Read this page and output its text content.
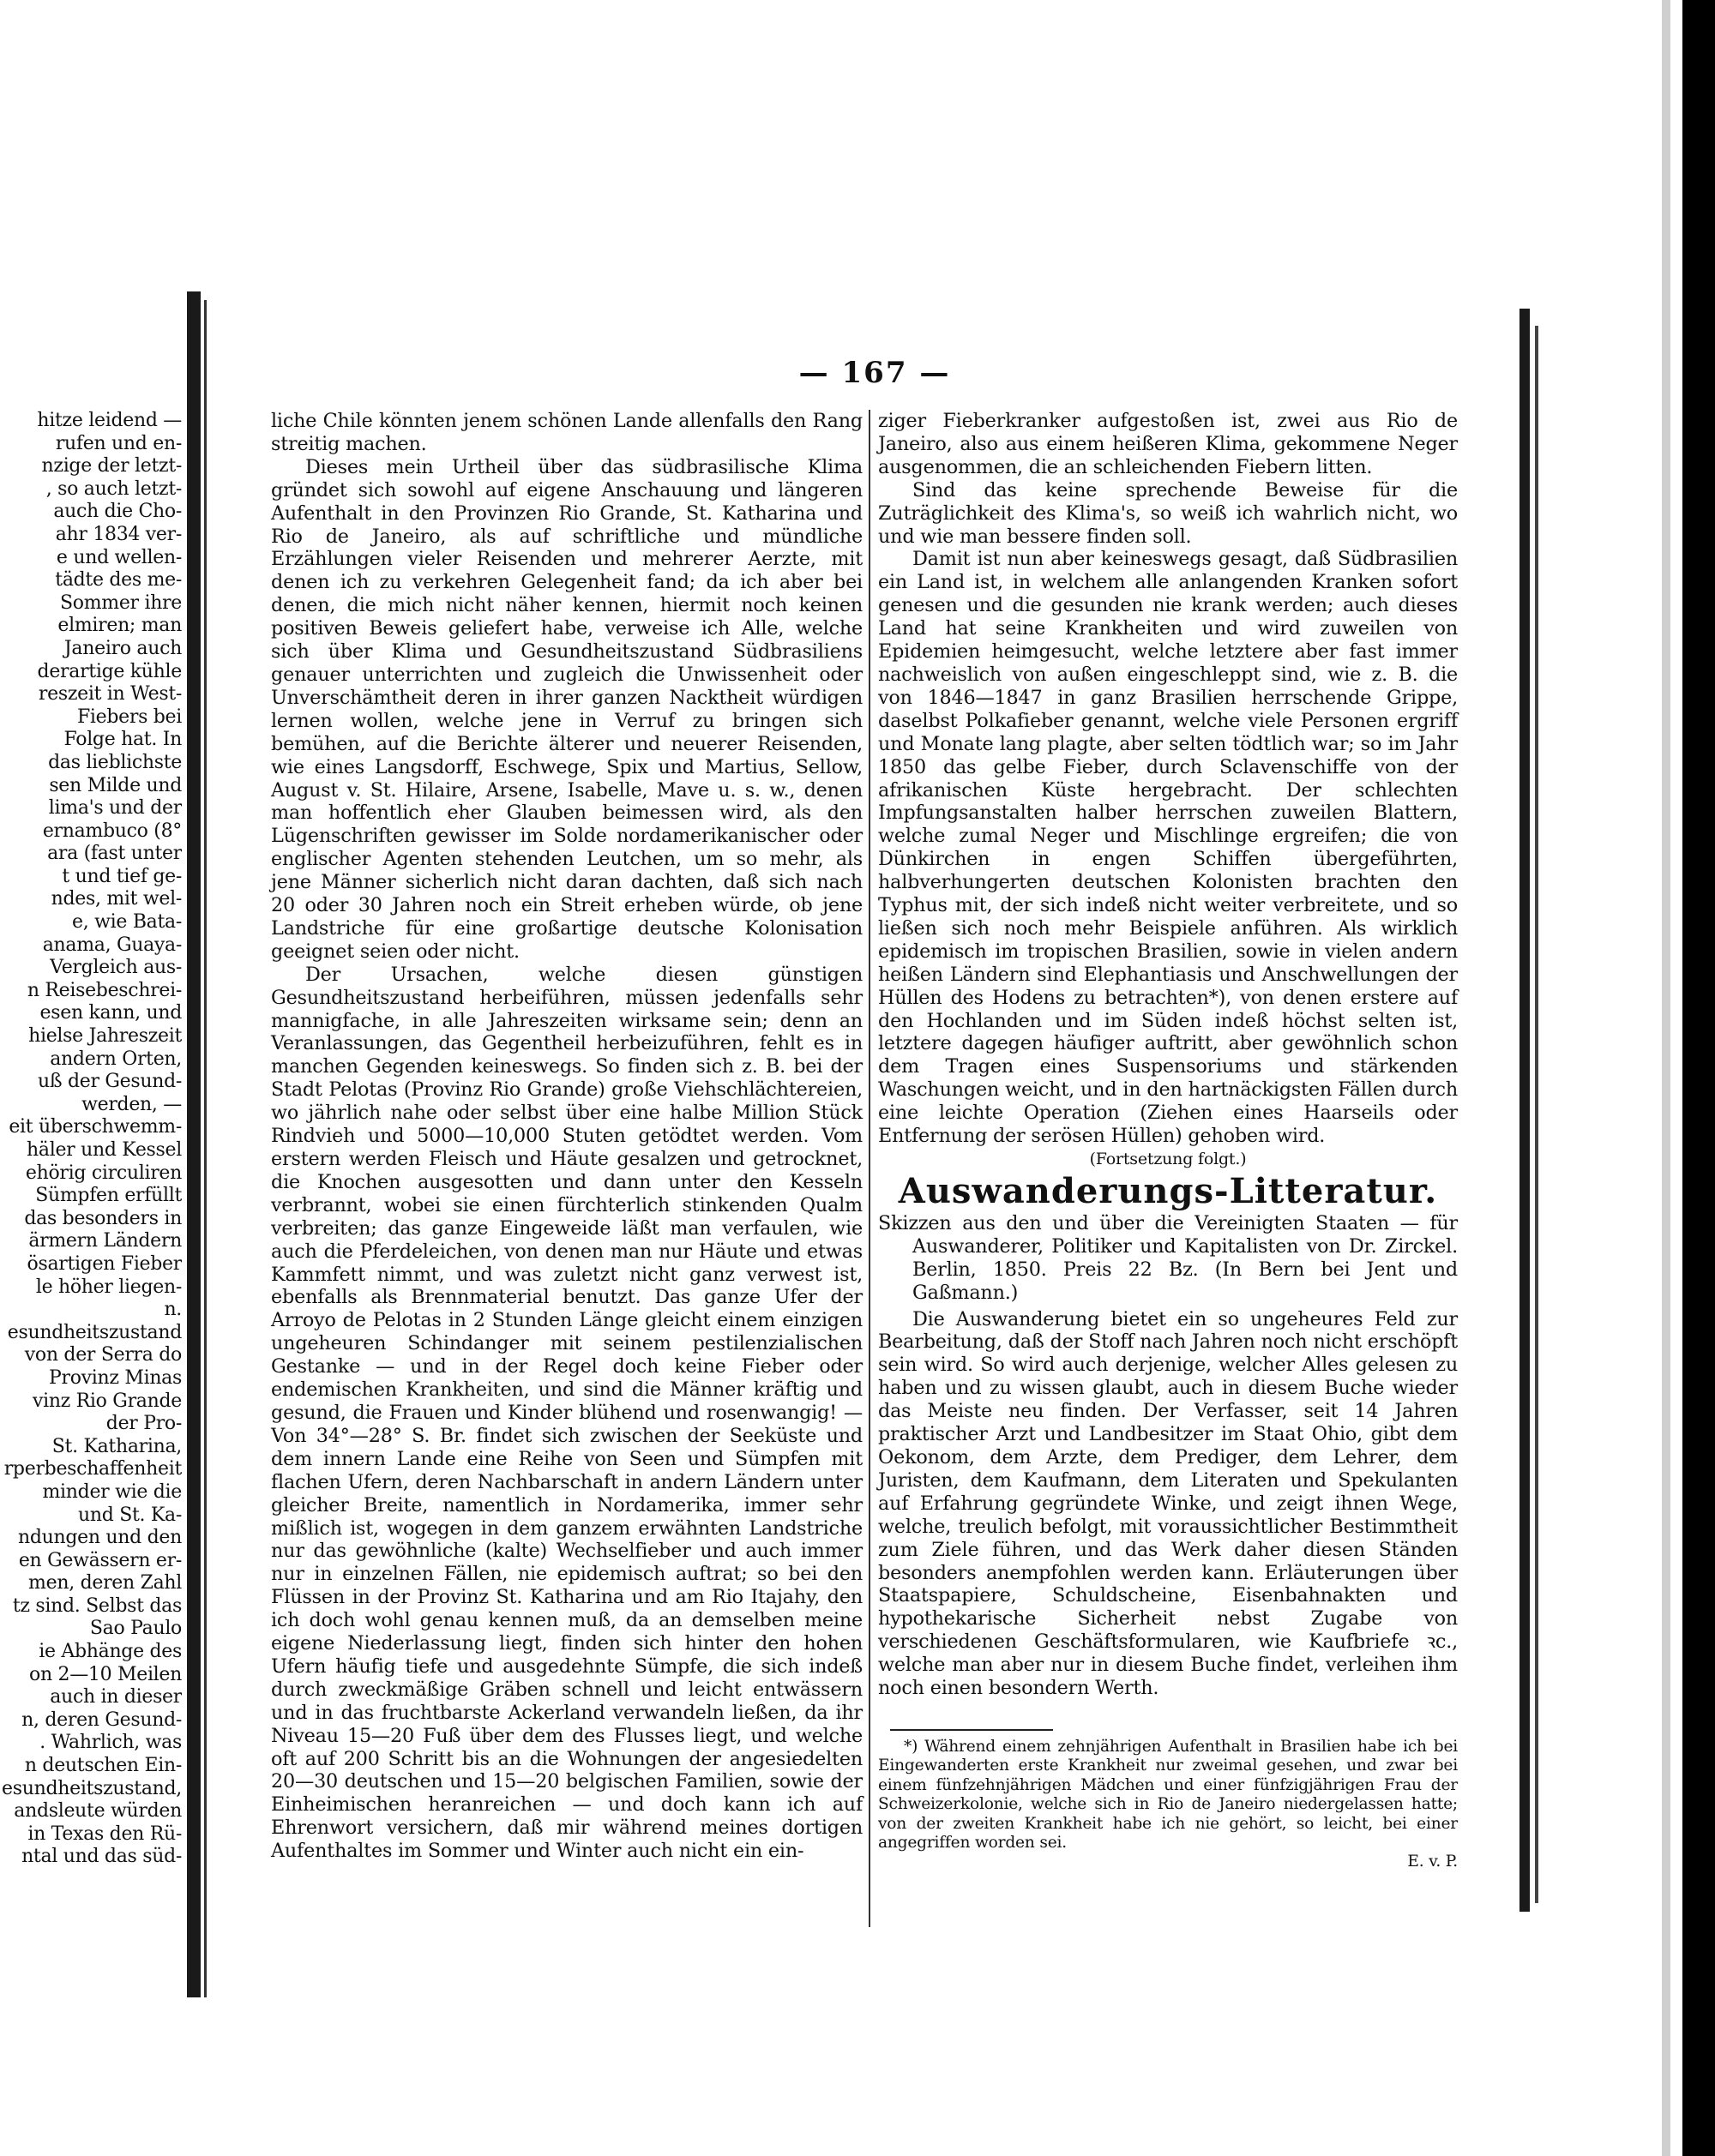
hitze leidend —
rufen und en-
nzige der letzt-
, so auch letzt-
auch die Cho-
ahr 1834 ver-
e und wellen-
tädte des me-
Sommer ihre
elmiren; man
Janeiro auch
derartige kühle
reszeit in West-
Fiebers bei
Folge hat. In
das lieblichste
sen Milde und
lima's und der
ernambuco (8°
ara (fast unter
t und tief ge-
ndes, mit wel-
e, wie Bata-
anama, Guaya-
Vergleich aus-
n Reisebeschrei-
esen kann, und
hielse Jahreszeit
andern Orten,
uß der Gesund-
werden, —
eit überschwemm-
häler und Kessel
ehörig circuliren
Sümpfen erfüllt
das besonders in
ärmern Ländern
ösartigen Fieber
le höher liegen-
n.
esundheitszustand
von der Serra do
Provinz Minas
vinz Rio Grande
der Pro-
St. Katharina,
rperbeschaffenheit
minder wie die
und St. Ka-
ndungen und den
en Gewässern er-
men, deren Zahl
tz sind. Selbst das
Sao Paulo
ie Abhänge des
on 2—10 Meilen
auch in dieser
n, deren Gesund-
. Wahrlich, was
n deutschen Ein-
esundheitszustand,
andsleute würden
in Texas den Rü-
ntal und das süd-
— 167 —

liche Chile könnten jenem schönen Lande allenfalls den Rang streitig machen.

Dieses mein Urtheil über das südbrasilische Klima gründet sich sowohl auf eigene Anschauung und längeren Aufenthalt in den Provinzen Rio Grande, St. Katharina und Rio de Janeiro, als auf schriftliche und mündliche Erzählungen vieler Reisenden und mehrerer Aerzte, mit denen ich zu verkehren Gelegenheit fand; da ich aber bei denen, die mich nicht näher kennen, hiermit noch keinen positiven Beweis geliefert habe, verweise ich Alle, welche sich über Klima und Gesundheitszustand Südbrasiliens genauer unterrichten und zugleich die Unwissenheit oder Unverschämtheit deren in ihrer ganzen Nacktheit würdigen lernen wollen, welche jene in Verruf zu bringen sich bemühen, auf die Berichte älterer und neuerer Reisenden, wie eines Langsdorff, Eschwege, Spix und Martius, Sellow, August v. St. Hilaire, Arsene, Isabelle, Mave u. s. w., denen man hoffentlich eher Glauben beimessen wird, als den Lügenschriften gewisser im Solde nordamerikanischer oder englischer Agenten stehenden Leutchen, um so mehr, als jene Männer sicherlich nicht daran dachten, daß sich nach 20 oder 30 Jahren noch ein Streit erheben würde, ob jene Landstriche für eine großartige deutsche Kolonisation geeignet seien oder nicht.

Der Ursachen, welche diesen günstigen Gesundheitszustand herbeiführen, müssen jedenfalls sehr mannigfache, in alle Jahreszeiten wirksame sein; denn an Veranlassungen, das Gegentheil herbeizuführen, fehlt es in manchen Gegenden keineswegs. So finden sich z. B. bei der Stadt Pelotas (Provinz Rio Grande) große Viehschlächtereien, wo jährlich nahe oder selbst über eine halbe Million Stück Rindvieh und 5000—10,000 Stuten getödtet werden. Vom erstern werden Fleisch und Häute gesalzen und getrocknet, die Knochen ausgesotten und dann unter den Kesseln verbrannt, wobei sie einen fürchterlich stinkenden Qualm verbreiten; das ganze Eingeweide läßt man verfaulen, wie auch die Pferdeleichen, von denen man nur Häute und etwas Kammfett nimmt, und was zuletzt nicht ganz verwest ist, ebenfalls als Brennmaterial benutzt. Das ganze Ufer der Arroyo de Pelotas in 2 Stunden Länge gleicht einem einzigen ungeheuren Schindanger mit seinem pestilenzialischen Gestanke — und in der Regel doch keine Fieber oder endemischen Krankheiten, und sind die Männer kräftig und gesund, die Frauen und Kinder blühend und rosenwangig! — Von 34°—28° S. Br. findet sich zwischen der Seeküste und dem innern Lande eine Reihe von Seen und Sümpfen mit flachen Ufern, deren Nachbarschaft in andern Ländern unter gleicher Breite, namentlich in Nordamerika, immer sehr mißlich ist, wogegen in dem ganzem erwähnten Landstriche nur das gewöhnliche (kalte) Wechselfieber und auch immer nur in einzelnen Fällen, nie epidemisch auftrat; so bei den Flüssen in der Provinz St. Katharina und am Rio Itajahy, den ich doch wohl genau kennen muß, da an demselben meine eigene Niederlassung liegt, finden sich hinter den hohen Ufern häufig tiefe und ausgedehnte Sümpfe, die sich indeß durch zweckmäßige Gräben schnell und leicht entwässern und in das fruchtbarste Ackerland verwandeln ließen, da ihr Niveau 15—20 Fuß über dem des Flusses liegt, und welche oft auf 200 Schritt bis an die Wohnungen der angesiedelten 20—30 deutschen und 15—20 belgischen Familien, sowie der Einheimischen heranreichen — und doch kann ich auf Ehrenwort versichern, daß mir während meines dortigen Aufenthaltes im Sommer und Winter auch nicht ein ein-

ziger Fieberkranker aufgestoßen ist, zwei aus Rio de Janeiro, also aus einem heißeren Klima, gekommene Neger ausgenommen, die an schleichenden Fiebern litten.

Sind das keine sprechende Beweise für die Zuträglichkeit des Klima's, so weiß ich wahrlich nicht, wo und wie man bessere finden soll.

Damit ist nun aber keineswegs gesagt, daß Südbrasilien ein Land ist, in welchem alle anlangenden Kranken sofort genesen und die gesunden nie krank werden; auch dieses Land hat seine Krankheiten und wird zuweilen von Epidemien heimgesucht, welche letztere aber fast immer nachweislich von außen eingeschleppt sind, wie z. B. die von 1846—1847 in ganz Brasilien herrschende Grippe, daselbst Polkafieber genannt, welche viele Personen ergriff und Monate lang plagte, aber selten tödtlich war; so im Jahr 1850 das gelbe Fieber, durch Sclavenschiffe von der afrikanischen Küste hergebracht. Der schlechten Impfungsanstalten halber herrschen zuweilen Blattern, welche zumal Neger und Mischlinge ergreifen; die von Dünkirchen in engen Schiffen übergeführten, halbverhungerten deutschen Kolonisten brachten den Typhus mit, der sich indeß nicht weiter verbreitete, und so ließen sich noch mehr Beispiele anführen. Als wirklich epidemisch im tropischen Brasilien, sowie in vielen andern heißen Ländern sind Elephantiasis und Anschwellungen der Hüllen des Hodens zu betrachten*), von denen erstere auf den Hochlanden und im Süden indeß höchst selten ist, letztere dagegen häufiger auftritt, aber gewöhnlich schon dem Tragen eines Suspensoriums und stärkenden Waschungen weicht, und in den hartnäckigsten Fällen durch eine leichte Operation (Ziehen eines Haarseils oder Entfernung der serösen Hüllen) gehoben wird.

(Fortsetzung folgt.)

Auswanderungs-Litteratur.

Skizzen aus den und über die Vereinigten Staaten — für Auswanderer, Politiker und Kapitalisten von Dr. Zirckel. Berlin, 1850. Preis 22 Bz. (In Bern bei Jent und Gaßmann.)

Die Auswanderung bietet ein so ungeheures Feld zur Bearbeitung, daß der Stoff nach Jahren noch nicht erschöpft sein wird. So wird auch derjenige, welcher Alles gelesen zu haben und zu wissen glaubt, auch in diesem Buche wieder das Meiste neu finden. Der Verfasser, seit 14 Jahren praktischer Arzt und Landbesitzer im Staat Ohio, gibt dem Oekonom, dem Arzte, dem Prediger, dem Lehrer, dem Juristen, dem Kaufmann, dem Literaten und Spekulanten auf Erfahrung gegründete Winke, und zeigt ihnen Wege, welche, treulich befolgt, mit voraussichtlicher Bestimmtheit zum Ziele führen, und das Werk daher diesen Ständen besonders anempfohlen werden kann. Erläuterungen über Staatspapiere, Schuldscheine, Eisenbahnakten und hypothekarische Sicherheit nebst Zugabe von verschiedenen Geschäftsformularen, wie Kaufbriefe ꝛc., welche man aber nur in diesem Buche findet, verleihen ihm noch einen besondern Werth.

*) Während einem zehnjährigen Aufenthalt in Brasilien habe ich bei Eingewanderten erste Krankheit nur zweimal gesehen, und zwar bei einem fünfzehnjährigen Mädchen und einer fünfzigjährigen Frau der Schweizerkolonie, welche sich in Rio de Janeiro niedergelassen hatte; von der zweiten Krankheit habe ich nie gehört, so leicht, bei einer angegriffen worden sei.

E. v. P.
